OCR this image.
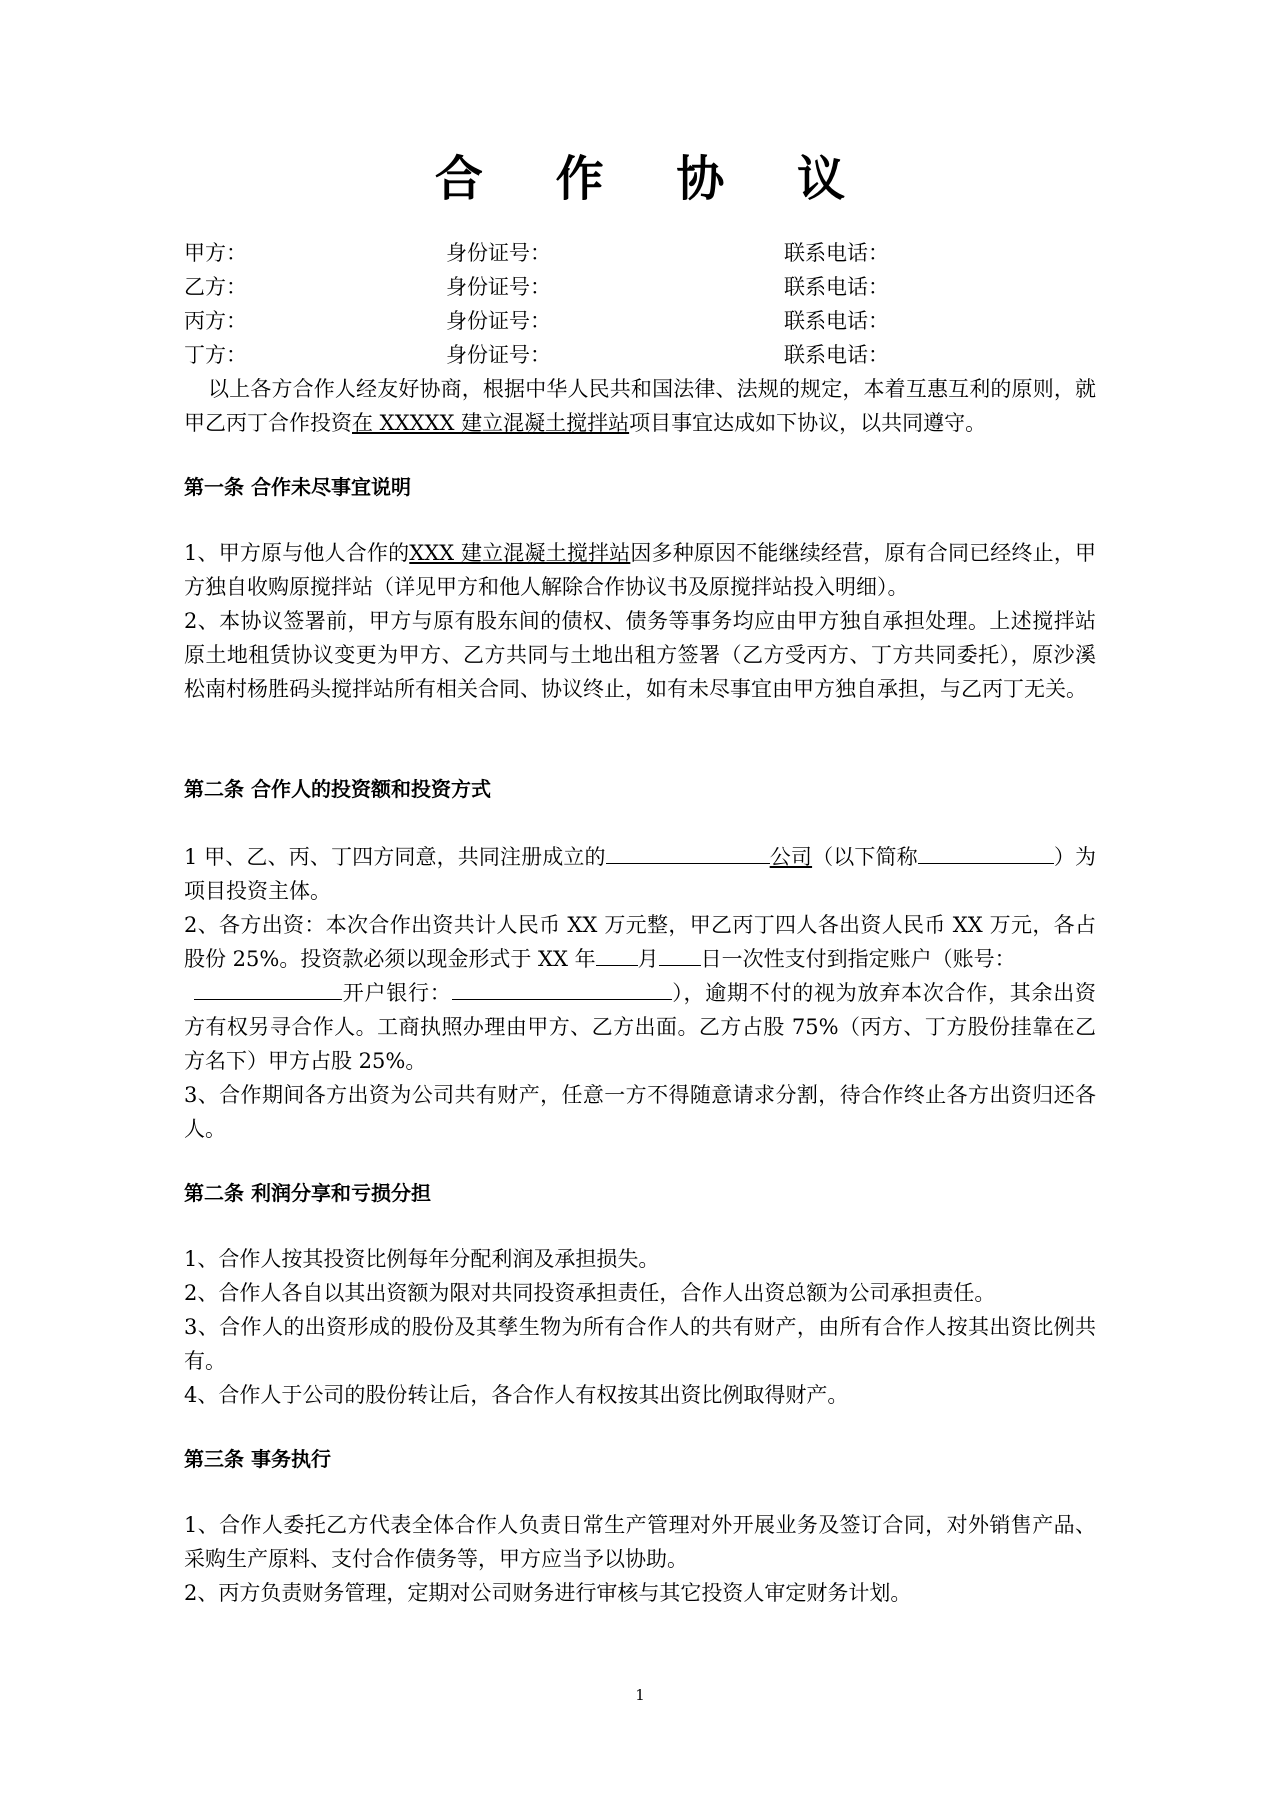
合 作 协 议
甲方：	身份证号：	联系电话：
乙方：	身份证号：	联系电话：
丙方：	身份证号：	联系电话：
丁方：	身份证号：	联系电话：

以上各方合作人经友好协商，根据中华人民共和国法律、法规的规定，本着互惠互利的原则，就甲乙丙丁合作投资在 XXXXX 建立混凝土搅拌站项目事宜达成如下协议，以共同遵守。

第一条 合作未尽事宜说明

1、甲方原与他人合作的XXX 建立混凝土搅拌站因多种原因不能继续经营，原有合同已经终止，甲方独自收购原搅拌站（详见甲方和他人解除合作协议书及原搅拌站投入明细）。

2、本协议签署前，甲方与原有股东间的债权、债务等事务均应由甲方独自承担处理。上述搅拌站原土地租赁协议变更为甲方、乙方共同与土地出租方签署（乙方受丙方、丁方共同委托），原沙溪松南村杨胜码头搅拌站所有相关合同、协议终止，如有未尽事宜由甲方独自承担，与乙丙丁无关。

第二条 合作人的投资额和投资方式

1 甲、乙、丙、丁四方同意，共同注册成立的	公司（以下简称	）为项目投资主体。

2、各方出资：本次合作出资共计人民币 XX 万元整，甲乙丙丁四人各出资人民币 XX 万元，各占股份 25%。投资款必须以现金形式于 XX 年 月 日一次性支付到指定账户（账号：
开户银行：	），逾期不付的视为放弃本次合作，其余出资方有权另寻合作人。工商执照办理由甲方、乙方出面。乙方占股 75%（丙方、丁方股份挂靠在乙方名下）甲方占股 25%。

3、合作期间各方出资为公司共有财产，任意一方不得随意请求分割，待合作终止各方出资归还各人。

第二条 利润分享和亏损分担

1、合作人按其投资比例每年分配利润及承担损失。

2、合作人各自以其出资额为限对共同投资承担责任，合作人出资总额为公司承担责任。

3、合作人的出资形成的股份及其孳生物为所有合作人的共有财产，由所有合作人按其出资比例共有。

4、合作人于公司的股份转让后，各合作人有权按其出资比例取得财产。

第三条 事务执行

1、合作人委托乙方代表全体合作人负责日常生产管理对外开展业务及签订合同，对外销售产品、采购生产原料、支付合作债务等，甲方应当予以协助。

2、丙方负责财务管理，定期对公司财务进行审核与其它投资人审定财务计划。

1
